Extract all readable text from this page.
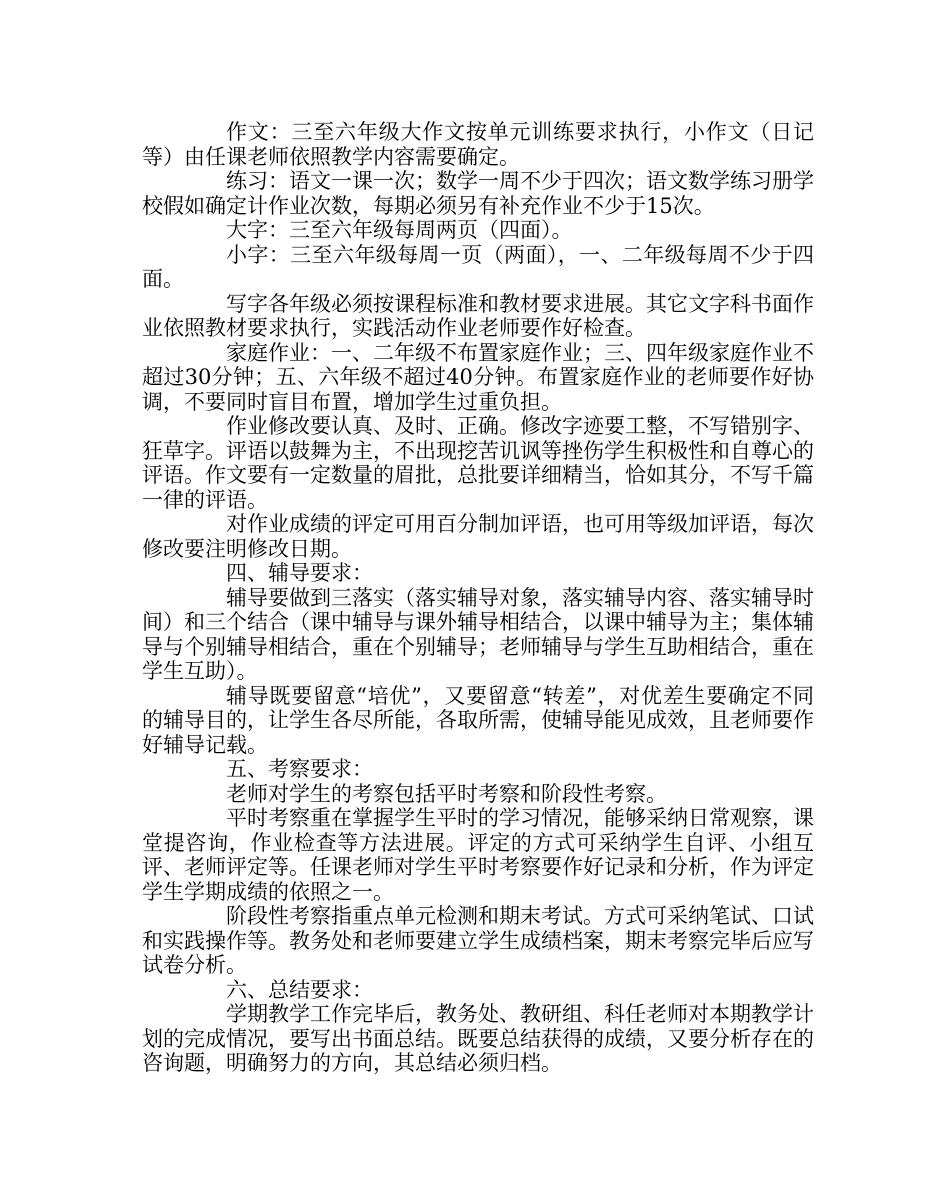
作文：三至六年级大作文按单元训练要求执行，小作文（日记等）由任课老师依照教学内容需要确定。

练习：语文一课一次；数学一周不少于四次；语文数学练习册学校假如确定计作业次数，每期必须另有补充作业不少于15次。

大字：三至六年级每周两页（四面）。

小字：三至六年级每周一页（两面），一、二年级每周不少于四面。

写字各年级必须按课程标准和教材要求进展。其它文字科书面作业依照教材要求执行，实践活动作业老师要作好检查。

家庭作业：一、二年级不布置家庭作业；三、四年级家庭作业不超过30分钟；五、六年级不超过40分钟。布置家庭作业的老师要作好协调，不要同时盲目布置，增加学生过重负担。

作业修改要认真、及时、正确。修改字迹要工整，不写错别字、狂草字。评语以鼓舞为主，不出现挖苦讥讽等挫伤学生积极性和自尊心的评语。作文要有一定数量的眉批，总批要详细精当，恰如其分，不写千篇一律的评语。

对作业成绩的评定可用百分制加评语，也可用等级加评语，每次修改要注明修改日期。

四、辅导要求：

辅导要做到三落实（落实辅导对象，落实辅导内容、落实辅导时间）和三个结合（课中辅导与课外辅导相结合，以课中辅导为主；集体辅导与个别辅导相结合，重在个别辅导；老师辅导与学生互助相结合，重在学生互助）。

辅导既要留意“培优”，又要留意“转差”，对优差生要确定不同的辅导目的，让学生各尽所能，各取所需，使辅导能见成效，且老师要作好辅导记载。

五、考察要求：

老师对学生的考察包括平时考察和阶段性考察。

平时考察重在掌握学生平时的学习情况，能够采纳日常观察，课堂提咨询，作业检查等方法进展。评定的方式可采纳学生自评、小组互评、老师评定等。任课老师对学生平时考察要作好记录和分析，作为评定学生学期成绩的依照之一。

阶段性考察指重点单元检测和期末考试。方式可采纳笔试、口试和实践操作等。教务处和老师要建立学生成绩档案，期末考察完毕后应写试卷分析。

六、总结要求：

学期教学工作完毕后，教务处、教研组、科任老师对本期教学计划的完成情况，要写出书面总结。既要总结获得的成绩，又要分析存在的咨询题，明确努力的方向，其总结必须归档。
